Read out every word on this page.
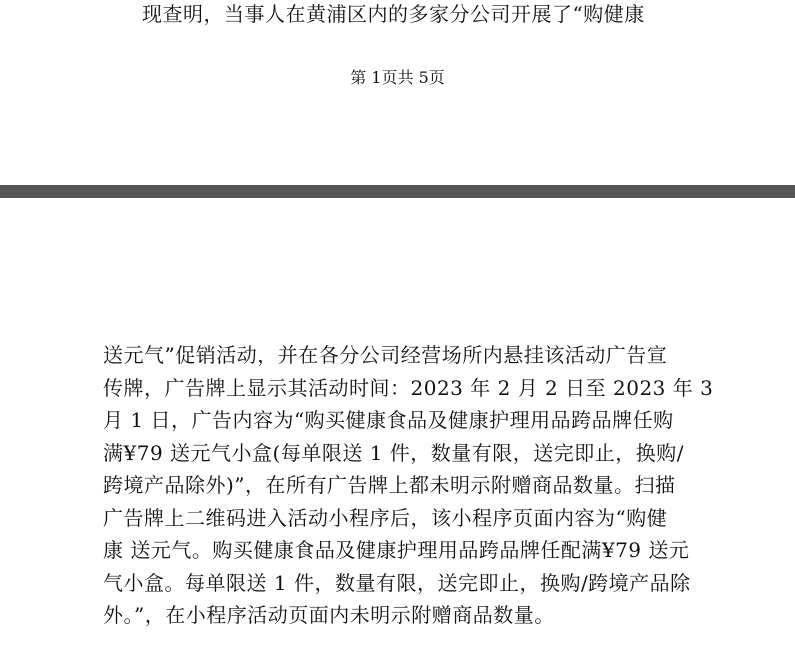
现查明，当事人在黄浦区内的多家分公司开展了“购健康
第 1页共 5页
送元气”促销活动，并在各分公司经营场所内悬挂该活动广告宣
传牌，广告牌上显示其活动时间：2023 年 2 月 2 日至 2023 年 3
月 1 日，广告内容为“购买健康食品及健康护理用品跨品牌任购
满¥79 送元气小盒(每单限送 1 件，数量有限，送完即止，换购/
跨境产品除外)”，在所有广告牌上都未明示附赠商品数量。扫描
广告牌上二维码进入活动小程序后，该小程序页面内容为“购健
康 送元气。购买健康食品及健康护理用品跨品牌任配满¥79 送元
气小盒。每单限送 1 件，数量有限，送完即止，换购/跨境产品除
外。”，在小程序活动页面内未明示附赠商品数量。
